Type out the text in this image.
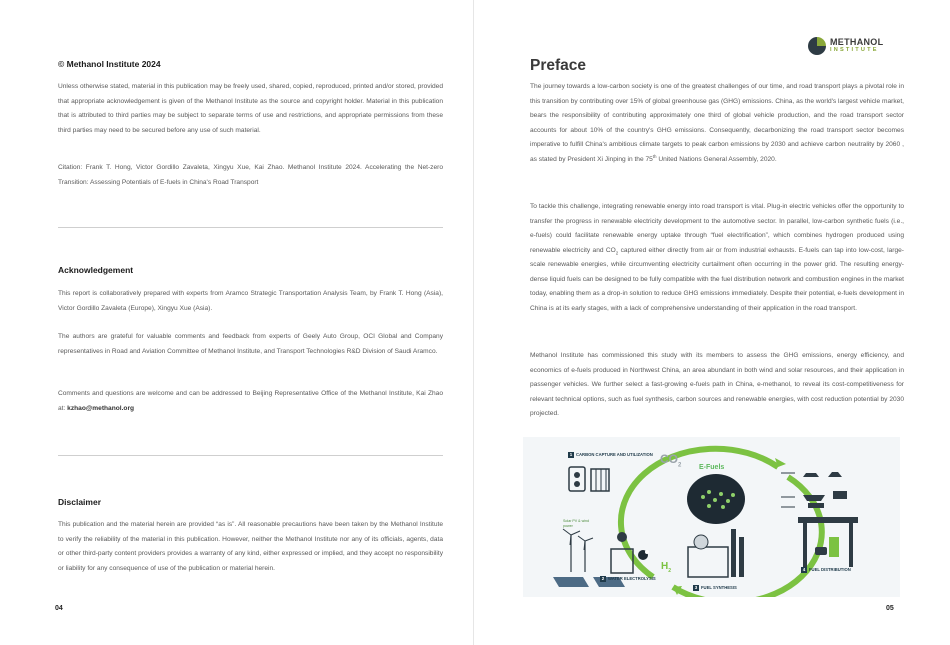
© Methanol Institute 2024
Unless otherwise stated, material in this publication may be freely used, shared, copied, reproduced, printed and/or stored, provided that appropriate acknowledgement is given of the Methanol Institute as the source and copyright holder. Material in this publication that is attributed to third parties may be subject to separate terms of use and restrictions, and appropriate permissions from these third parties may need to be secured before any use of such material.
Citation: Frank T. Hong, Victor Gordillo Zavaleta, Xingyu Xue, Kai Zhao. Methanol Institute 2024. Accelerating the Net-zero Transition: Assessing Potentials of E-fuels in China's Road Transport
Acknowledgement
This report is collaboratively prepared with experts from Aramco Strategic Transportation Analysis Team, by Frank T. Hong (Asia), Victor Gordillo Zavaleta (Europe), Xingyu Xue (Asia).
The authors are grateful for valuable comments and feedback from experts of Geely Auto Group, OCI Global and Company representatives in Road and Aviation Committee of Methanol Institute, and Transport Technologies R&D Division of Saudi Aramco.
Comments and questions are welcome and can be addressed to Beijing Representative Office of the Methanol Institute, Kai Zhao at: kzhao@methanol.org
Disclaimer
This publication and the material herein are provided “as is”. All reasonable precautions have been taken by the Methanol Institute to verify the reliability of the material in this publication. However, neither the Methanol Institute nor any of its officials, agents, data or other third-party content providers provides a warranty of any kind, either expressed or implied, and they accept no responsibility or liability for any consequence of use of the publication or material herein.
04
METHANOL
INSTITUTE
Preface
The journey towards a low-carbon society is one of the greatest challenges of our time, and road transport plays a pivotal role in this transition by contributing over 15% of global greenhouse gas (GHG) emissions. China, as the world's largest vehicle market, bears the responsibility of contributing approximately one third of global vehicle production, and the road transport sector accounts for about 10% of the country's GHG emissions. Consequently, decarbonizing the road transport sector becomes imperative to fulfill China's ambitious climate targets to peak carbon emissions by 2030 and achieve carbon neutrality by 2060 , as stated by President Xi Jinping in the 75th United Nations General Assembly, 2020.
To tackle this challenge, integrating renewable energy into road transport is vital. Plug-in electric vehicles offer the opportunity to transfer the progress in renewable electricity development to the automotive sector. In parallel, low-carbon synthetic fuels (i.e., e-fuels) could facilitate renewable energy uptake through “fuel electrification”, which combines hydrogen produced using renewable electricity and $CO_2$ captured either directly from air or from industrial exhausts. E-fuels can tap into low-cost, large-scale renewable energies, while circumventing electricity curtailment often occurring in the power grid. The resulting energy-dense liquid fuels can be designed to be fully compatible with the fuel distribution network and combustion engines in the market today, enabling them as a drop-in solution to reduce GHG emissions immediately. Despite their potential, e-fuels development in China is at its early stages, with a lack of comprehensive understanding of their application in the road transport.
Methanol Institute has commissioned this study with its members to assess the GHG emissions, energy efficiency, and economics of e-fuels produced in Northwest China, an area abundant in both wind and solar resources, and their application in passenger vehicles. We further select a fast-growing e-fuels path in China, e-methanol, to reveal its cost-competitiveness for relevant technical options, such as fuel synthesis, carbon sources and renewable energies, with cost reduction potential by 2030 projected.
1 CARBON CAPTURE AND UTILIZATION
2 WATER ELECTROLYSIS
3 FUEL SYNTHESIS
4 FUEL DISTRIBUTION
$CO_2$	E-Fuels
$H_2$
Solar PV & wind power
05
